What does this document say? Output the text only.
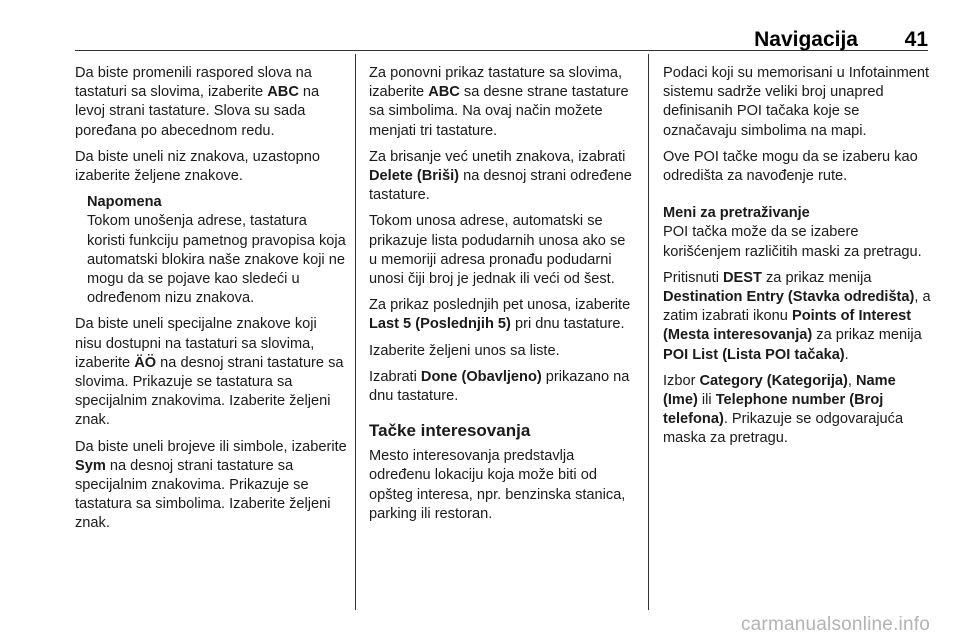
Navigacija 41

Da biste promenili raspored slova na tastaturi sa slovima, izaberite ABC na levoj strani tastature. Slova su sada poređana po abecednom redu.

Da biste uneli niz znakova, uzastopno izaberite željene znakove.

Napomena
Tokom unošenja adrese, tastatura koristi funkciju pametnog pravopisa koja automatski blokira naše znakove koji ne mogu da se pojave kao sledeći u određenom nizu znakova.

Da biste uneli specijalne znakove koji nisu dostupni na tastaturi sa slovima, izaberite ÄÖ na desnoj strani tastature sa slovima. Prikazuje se tastatura sa specijalnim znakovima. Izaberite željeni znak.

Da biste uneli brojeve ili simbole, izaberite Sym na desnoj strani tastature sa specijalnim znakovima. Prikazuje se tastatura sa simbolima. Izaberite željeni znak.

Za ponovni prikaz tastature sa slovima, izaberite ABC sa desne strane tastature sa simbolima. Na ovaj način možete menjati tri tastature.

Za brisanje već unetih znakova, izabrati Delete (Briši) na desnoj strani određene tastature.

Tokom unosa adrese, automatski se prikazuje lista podudarnih unosa ako se u memoriji adresa pronađu podudarni unosi čiji broj je jednak ili veći od šest.

Za prikaz poslednjih pet unosa, izaberite Last 5 (Poslednjih 5) pri dnu tastature.

Izaberite željeni unos sa liste.

Izabrati Done (Obavljeno) prikazano na dnu tastature.

Tačke interesovanja

Mesto interesovanja predstavlja određenu lokaciju koja može biti od opšteg interesa, npr. benzinska stanica, parking ili restoran.

Podaci koji su memorisani u Infotainment sistemu sadrže veliki broj unapred definisanih POI tačaka koje se označavaju simbolima na mapi.

Ove POI tačke mogu da se izaberu kao odredišta za navođenje rute.

Meni za pretraživanje

POI tačka može da se izabere korišćenjem različitih maski za pretragu.

Pritisnuti DEST za prikaz menija Destination Entry (Stavka odredišta), a zatim izabrati ikonu Points of Interest (Mesta interesovanja) za prikaz menija POI List (Lista POI tačaka).

Izbor Category (Kategorija), Name (Ime) ili Telephone number (Broj telefona). Prikazuje se odgovarajuća maska za pretragu.

carmanualsonline.info
